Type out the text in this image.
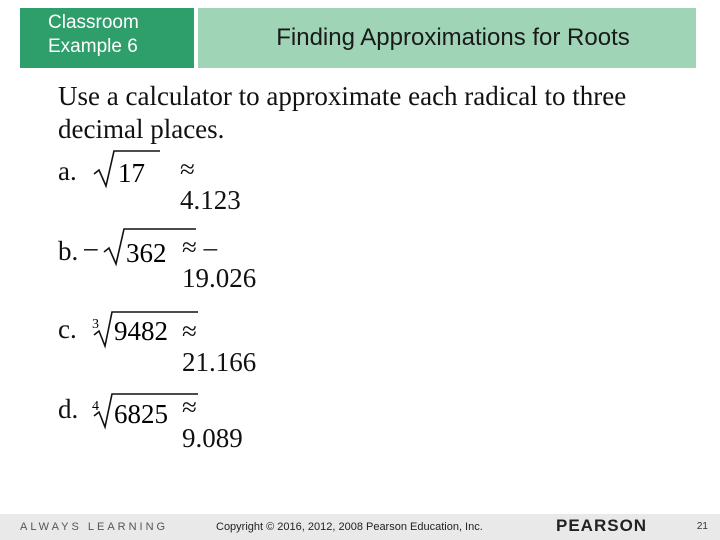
Classroom
Example 6	Finding Approximations for Roots
Use a calculator to approximate each radical to three decimal places.
a. 17 ≈ 4.123
b. – 362 ≈ –19.026
c. 3 9482 ≈ 21.166
d. 4 6825 ≈ 9.089
ALWAYS LEARNING	Copyright © 2016, 2012, 2008 Pearson Education, Inc.	PEARSON	21
